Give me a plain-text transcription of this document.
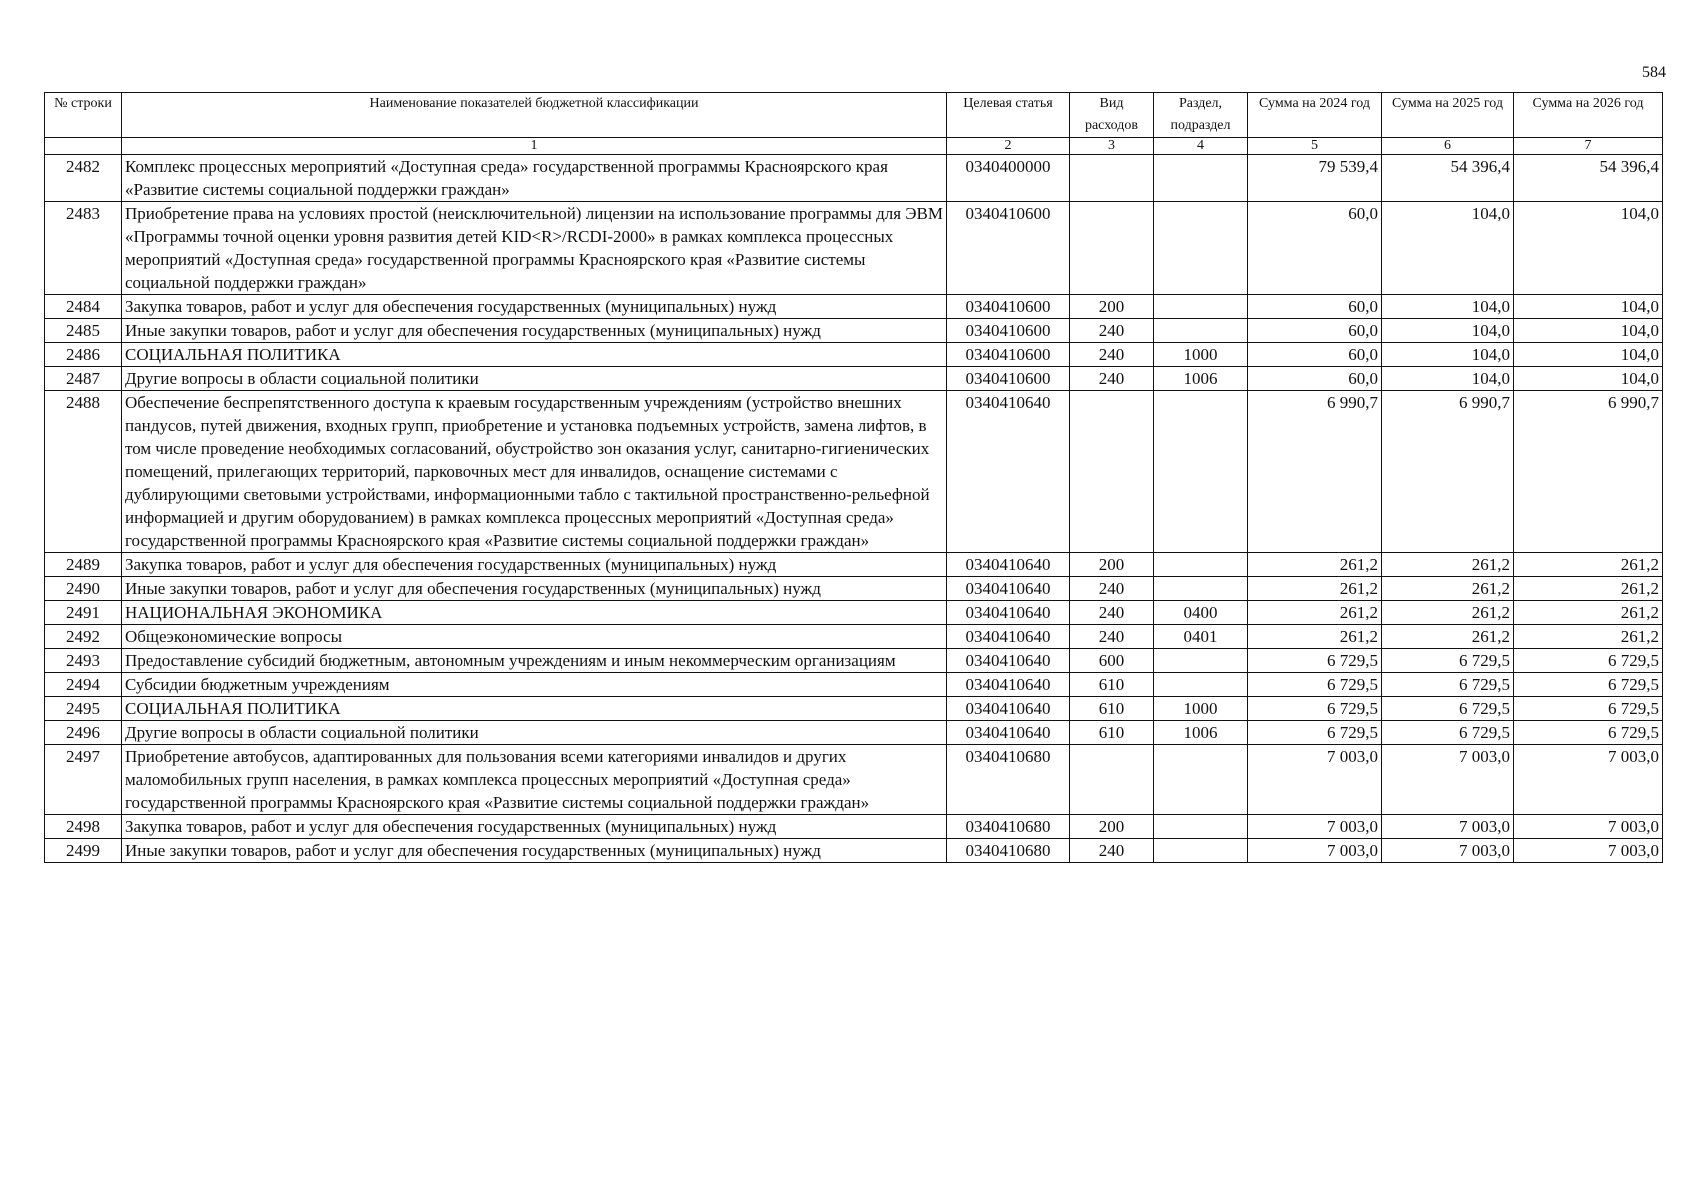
584
№ строки	Наименование показателей бюджетной классификации	Целевая статья	Вид расходов	Раздел, подраздел	Сумма на 2024 год	Сумма на 2025 год	Сумма на 2026 год

	1	2	3	4	5	6	7
2482	Комплекс процессных мероприятий «Доступная среда» государственной программы Красноярского края «Развитие системы социальной поддержки граждан»	0340400000			79 539,4	54 396,4	54 396,4
2483	Приобретение права на условиях простой (неисключительной) лицензии на использование программы для ЭВМ «Программы точной оценки уровня развития детей KID<R>/RCDI-2000» в рамках комплекса процессных мероприятий «Доступная среда» государственной программы Красноярского края «Развитие системы социальной поддержки граждан»	0340410600			60,0	104,0	104,0
2484	Закупка товаров, работ и услуг для обеспечения государственных (муниципальных) нужд	0340410600	200		60,0	104,0	104,0
2485	Иные закупки товаров, работ и услуг для обеспечения государственных (муниципальных) нужд	0340410600	240		60,0	104,0	104,0
2486	СОЦИАЛЬНАЯ ПОЛИТИКА	0340410600	240	1000	60,0	104,0	104,0
2487	Другие вопросы в области социальной политики	0340410600	240	1006	60,0	104,0	104,0
2488	Обеспечение беспрепятственного доступа к краевым государственным учреждениям (устройство внешних пандусов, путей движения, входных групп, приобретение и установка подъемных устройств, замена лифтов, в том числе проведение необходимых согласований, обустройство зон оказания услуг, санитарно-гигиенических помещений, прилегающих территорий, парковочных мест для инвалидов, оснащение системами с дублирующими световыми устройствами, информационными табло с тактильной пространственно-рельефной информацией и другим оборудованием) в рамках комплекса процессных мероприятий «Доступная среда» государственной программы Красноярского края «Развитие системы социальной поддержки граждан»	0340410640			6 990,7	6 990,7	6 990,7
2489	Закупка товаров, работ и услуг для обеспечения государственных (муниципальных) нужд	0340410640	200		261,2	261,2	261,2
2490	Иные закупки товаров, работ и услуг для обеспечения государственных (муниципальных) нужд	0340410640	240		261,2	261,2	261,2
2491	НАЦИОНАЛЬНАЯ ЭКОНОМИКА	0340410640	240	0400	261,2	261,2	261,2
2492	Общеэкономические вопросы	0340410640	240	0401	261,2	261,2	261,2
2493	Предоставление субсидий бюджетным, автономным учреждениям и иным некоммерческим организациям	0340410640	600		6 729,5	6 729,5	6 729,5
2494	Субсидии бюджетным учреждениям	0340410640	610		6 729,5	6 729,5	6 729,5
2495	СОЦИАЛЬНАЯ ПОЛИТИКА	0340410640	610	1000	6 729,5	6 729,5	6 729,5
2496	Другие вопросы в области социальной политики	0340410640	610	1006	6 729,5	6 729,5	6 729,5
2497	Приобретение автобусов, адаптированных для пользования всеми категориями инвалидов и других маломобильных групп населения, в рамках комплекса процессных мероприятий «Доступная среда» государственной программы Красноярского края «Развитие системы социальной поддержки граждан»	0340410680			7 003,0	7 003,0	7 003,0
2498	Закупка товаров, работ и услуг для обеспечения государственных (муниципальных) нужд	0340410680	200		7 003,0	7 003,0	7 003,0
2499	Иные закупки товаров, работ и услуг для обеспечения государственных (муниципальных) нужд	0340410680	240		7 003,0	7 003,0	7 003,0
